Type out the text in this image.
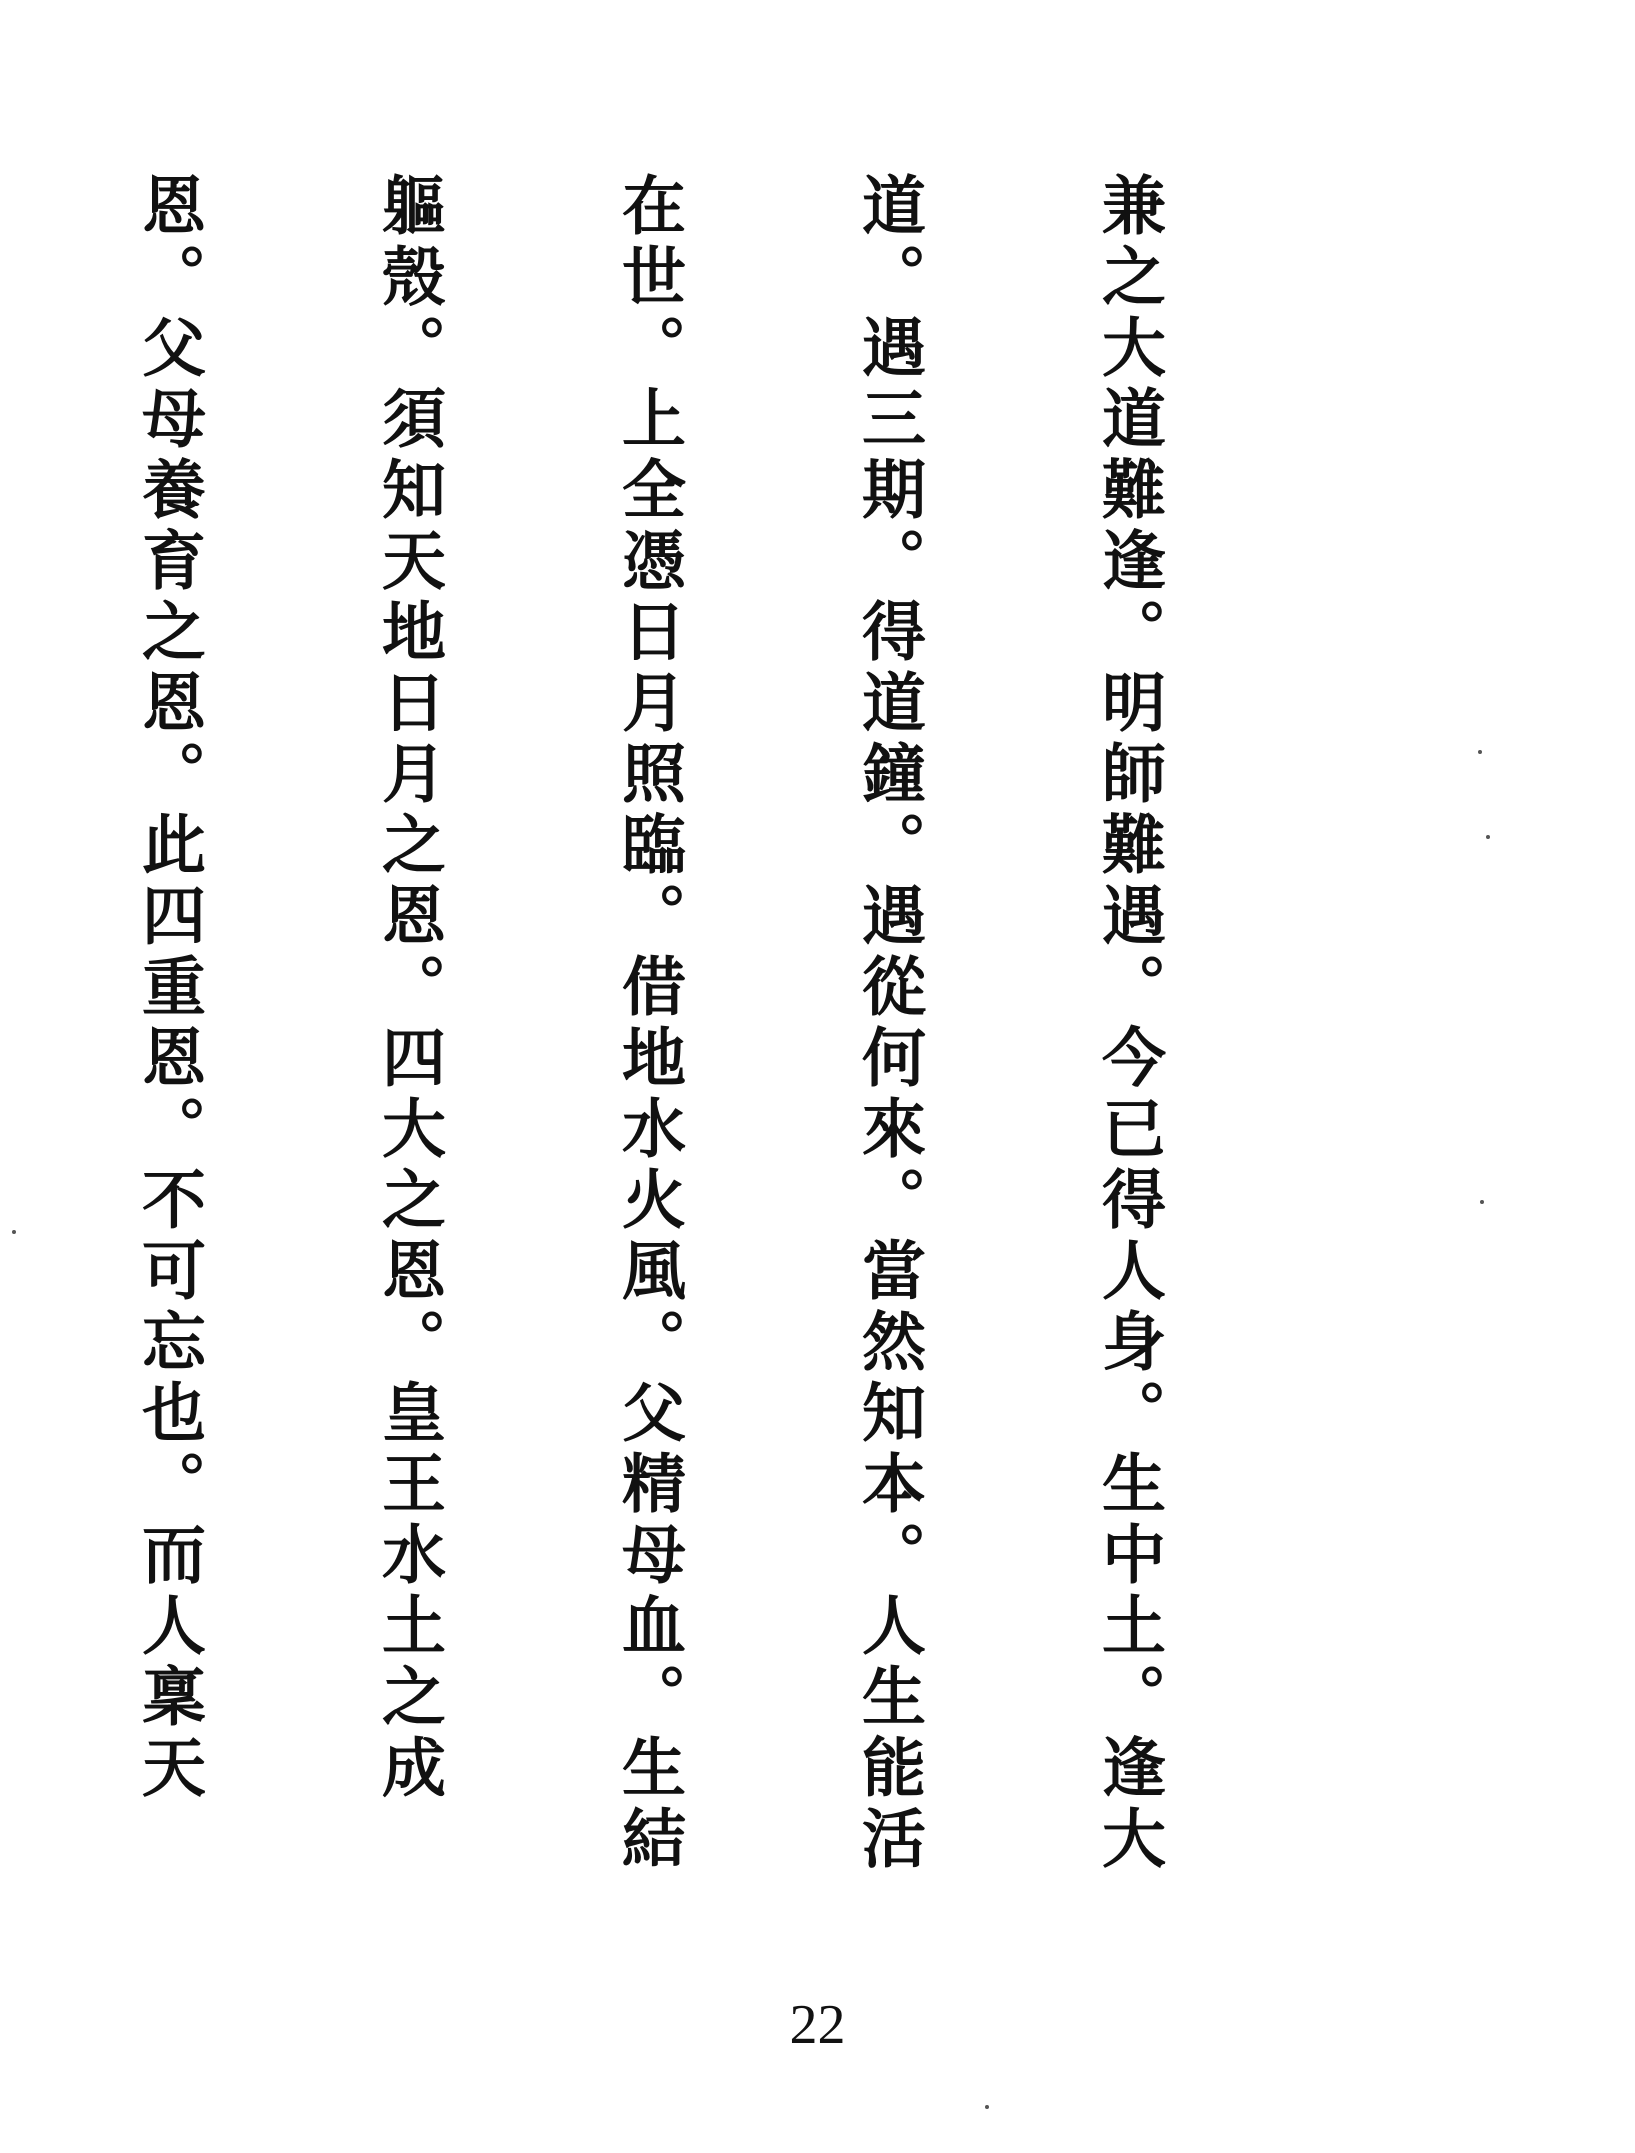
兼之大道難逢。明師難遇。今已得人身。生中土。逢大

道。遇三期。得道鐘。遇從何來。當然知本。人生能活

在世。上全憑日月照臨。借地水火風。父精母血。生結

軀殼。須知天地日月之恩。四大之恩。皇王水土之成

恩。父母養育之恩。此四重恩。不可忘也。而人稟天

22
